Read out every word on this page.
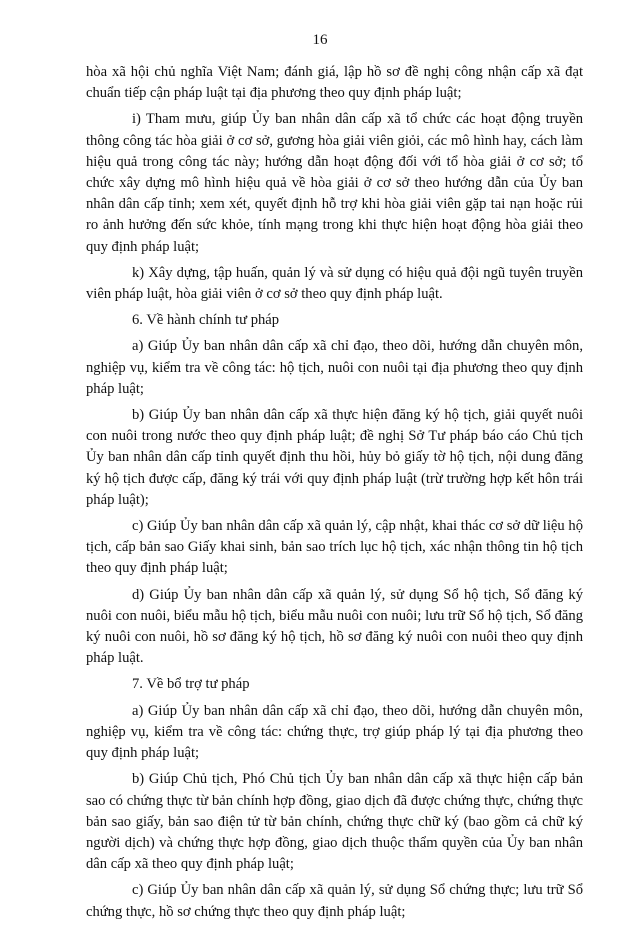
16

hòa xã hội chủ nghĩa Việt Nam; đánh giá, lập hồ sơ đề nghị công nhận cấp xã đạt chuẩn tiếp cận pháp luật tại địa phương theo quy định pháp luật;

i) Tham mưu, giúp Ủy ban nhân dân cấp xã tổ chức các hoạt động truyền thông công tác hòa giải ở cơ sở, gương hòa giải viên giỏi, các mô hình hay, cách làm hiệu quả trong công tác này; hướng dẫn hoạt động đối với tổ hòa giải ở cơ sở; tổ chức xây dựng mô hình hiệu quả về hòa giải ở cơ sở theo hướng dẫn của Ủy ban nhân dân cấp tỉnh; xem xét, quyết định hỗ trợ khi hòa giải viên gặp tai nạn hoặc rủi ro ảnh hưởng đến sức khỏe, tính mạng trong khi thực hiện hoạt động hòa giải theo quy định pháp luật;

k) Xây dựng, tập huấn, quản lý và sử dụng có hiệu quả đội ngũ tuyên truyền viên pháp luật, hòa giải viên ở cơ sở theo quy định pháp luật.

6. Về hành chính tư pháp

a) Giúp Ủy ban nhân dân cấp xã chỉ đạo, theo dõi, hướng dẫn chuyên môn, nghiệp vụ, kiểm tra về công tác: hộ tịch, nuôi con nuôi tại địa phương theo quy định pháp luật;

b) Giúp Ủy ban nhân dân cấp xã thực hiện đăng ký hộ tịch, giải quyết nuôi con nuôi trong nước theo quy định pháp luật; đề nghị Sở Tư pháp báo cáo Chủ tịch Ủy ban nhân dân cấp tỉnh quyết định thu hồi, hủy bỏ giấy tờ hộ tịch, nội dung đăng ký hộ tịch được cấp, đăng ký trái với quy định pháp luật (trừ trường hợp kết hôn trái pháp luật);

c) Giúp Ủy ban nhân dân cấp xã quản lý, cập nhật, khai thác cơ sở dữ liệu hộ tịch, cấp bản sao Giấy khai sinh, bản sao trích lục hộ tịch, xác nhận thông tin hộ tịch theo quy định pháp luật;

d) Giúp Ủy ban nhân dân cấp xã quản lý, sử dụng Sổ hộ tịch, Sổ đăng ký nuôi con nuôi, biểu mẫu hộ tịch, biểu mẫu nuôi con nuôi; lưu trữ Sổ hộ tịch, Sổ đăng ký nuôi con nuôi, hồ sơ đăng ký hộ tịch, hồ sơ đăng ký nuôi con nuôi theo quy định pháp luật.

7. Về bổ trợ tư pháp

a) Giúp Ủy ban nhân dân cấp xã chỉ đạo, theo dõi, hướng dẫn chuyên môn, nghiệp vụ, kiểm tra về công tác: chứng thực, trợ giúp pháp lý tại địa phương theo quy định pháp luật;

b) Giúp Chủ tịch, Phó Chủ tịch Ủy ban nhân dân cấp xã thực hiện cấp bản sao có chứng thực từ bản chính hợp đồng, giao dịch đã được chứng thực, chứng thực bản sao giấy, bản sao điện tử từ bản chính, chứng thực chữ ký (bao gồm cả chữ ký người dịch) và chứng thực hợp đồng, giao dịch thuộc thẩm quyền của Ủy ban nhân dân cấp xã theo quy định pháp luật;

c) Giúp Ủy ban nhân dân cấp xã quản lý, sử dụng Sổ chứng thực; lưu trữ Sổ chứng thực, hồ sơ chứng thực theo quy định pháp luật;
